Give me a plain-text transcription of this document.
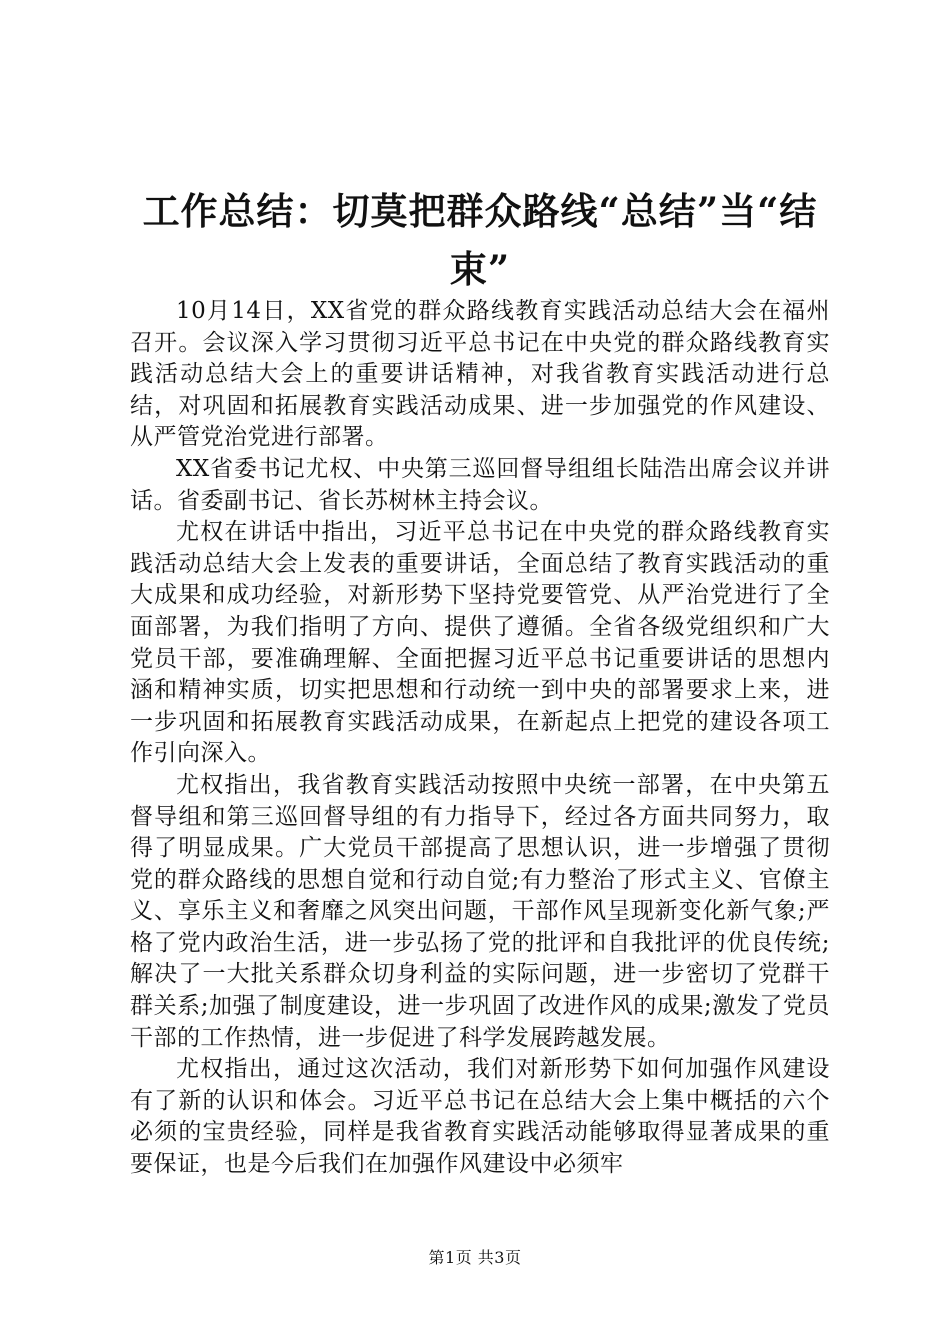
工作总结：切莫把群众路线“总结”当“结束”

10月14日，XX省党的群众路线教育实践活动总结大会在福州召开。会议深入学习贯彻习近平总书记在中央党的群众路线教育实践活动总结大会上的重要讲话精神，对我省教育实践活动进行总结，对巩固和拓展教育实践活动成果、进一步加强党的作风建设、从严管党治党进行部署。

XX省委书记尤权、中央第三巡回督导组组长陆浩出席会议并讲话。省委副书记、省长苏树林主持会议。

尤权在讲话中指出，习近平总书记在中央党的群众路线教育实践活动总结大会上发表的重要讲话，全面总结了教育实践活动的重大成果和成功经验，对新形势下坚持党要管党、从严治党进行了全面部署，为我们指明了方向、提供了遵循。全省各级党组织和广大党员干部，要准确理解、全面把握习近平总书记重要讲话的思想内涵和精神实质，切实把思想和行动统一到中央的部署要求上来，进一步巩固和拓展教育实践活动成果，在新起点上把党的建设各项工作引向深入。

尤权指出，我省教育实践活动按照中央统一部署，在中央第五督导组和第三巡回督导组的有力指导下，经过各方面共同努力，取得了明显成果。广大党员干部提高了思想认识，进一步增强了贯彻党的群众路线的思想自觉和行动自觉;有力整治了形式主义、官僚主义、享乐主义和奢靡之风突出问题，干部作风呈现新变化新气象;严格了党内政治生活，进一步弘扬了党的批评和自我批评的优良传统;解决了一大批关系群众切身利益的实际问题，进一步密切了党群干群关系;加强了制度建设，进一步巩固了改进作风的成果;激发了党员干部的工作热情，进一步促进了科学发展跨越发展。

尤权指出，通过这次活动，我们对新形势下如何加强作风建设有了新的认识和体会。习近平总书记在总结大会上集中概括的六个必须的宝贵经验，同样是我省教育实践活动能够取得显著成果的重要保证，也是今后我们在加强作风建设中必须牢

第1页 共3页
